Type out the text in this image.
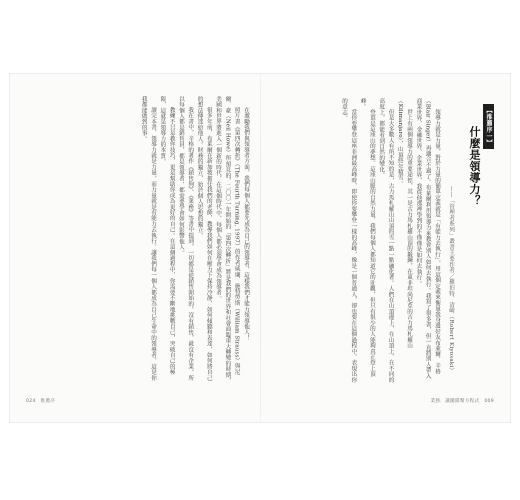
在激勵我們與領導者方面，我們每個人都要先成為自己的領導者，這樣我們才能力領導他人！

照片書《第四次轉折》（The Fourth Turning, 1997）的作者威廉．施特勞斯（William Strauss）與尼爾．豪（Neil Howe）所預見的，二〇〇一年開始的「第四次轉折」將是我們的世界和社會面臨重大轉變的時期，美國和世界將進入一個新的時代，在這個時代中，每個人都必須學會成為領導者。

很多年前，布萊爾在新加坡擔任我們的老師，教導我們如何在壓力下保持冷靜，如何傾聽和表達，如何將自己的想法傳達給他人。財務的獨立，始於個人思想的獨立。

我在書中，辛格的著作《銷售狗》、《業務》等書中提到，一切都是從銷售開始的。沒有銷售，就沒有企業。所以每個人都是銷售員，都是領導者，都需要學會如何影響他人。

教練不只是教你技巧，更是幫助你成為更好的自己。在這個過程中，你需要不斷地挑戰自己，突破自己的極限，這就是領導力的本質。

讀完本書，領導力就是力量，而力量就是有能力去執行。讓我們每一個人都成為自己生命中的領導者，這是你我都能做到的事。

024　推薦序
【推薦序一】
什麼是領導力？
——「管理者系列」叢書主要作者／羅伯特．清崎（Robert Kiyosaki）

領導力就是力量，對於力量的簡單定義就是「有能力去執行」。用這個定義來衡量我身邊好友布萊爾．辛格（Blair Singer）再適合不過了。布萊爾利用領導力來教會別人如何去執行。我寫了很多書，但一直將別人帶入商業世界、金融世界、企業世界，我從他那裡學到的不僅僅是如何去執行。

世上有兩個領導力的重要途徑，其一是古力馬札羅山頂的鍛鍊，在東非坦尚尼亞的吉力馬札羅山（Kilimanjaro），山頂終年積雪。

但是大多數人有所不知的是，古力馬札羅山山頂的雪一點一點融化著。人們在山頂邊上，在山頂上、在不同的高度上，都能看到自然的變化。

登頂是這座山的夢想。這座山脈的自然力量，我們每個人都知道它的壯觀，但只有很少的人能夠真正登上頂峰。

當你要攀登這座非洲最高峰時，即使你要攀登一樣的高峰，像是一個普通人，卻也要在這個過程中，表現出你的意志。

業務．讓團隊幫方程式　009
